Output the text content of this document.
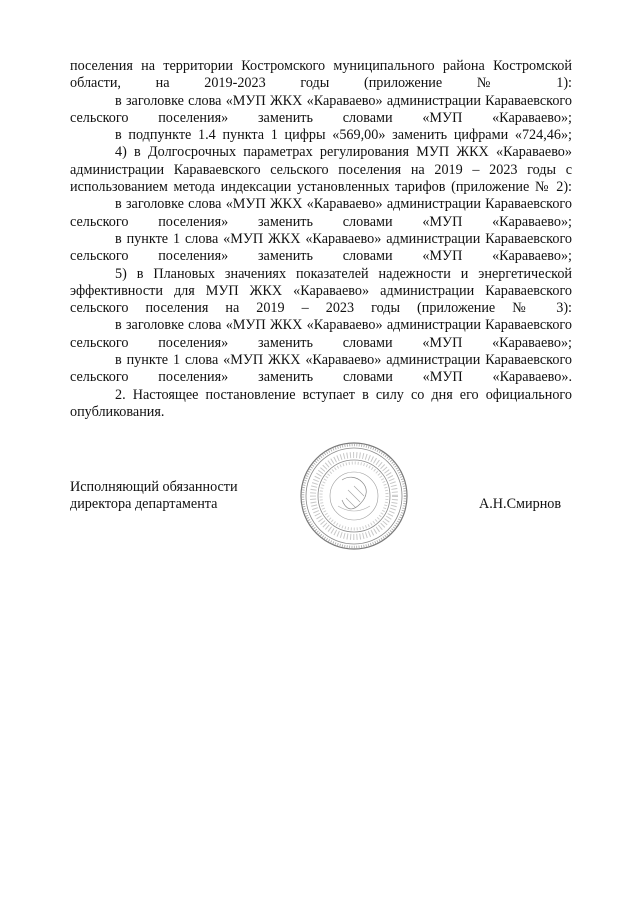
поселения на территории Костромского муниципального района Костромской области, на 2019-2023 годы (приложение № 1):

в заголовке слова «МУП ЖКХ «Караваево» администрации Караваевского сельского поселения» заменить словами «МУП «Караваево»;

в подпункте 1.4 пункта 1 цифры «569,00» заменить цифрами «724,46»;

4) в Долгосрочных параметрах регулирования МУП ЖКХ «Караваево» администрации Караваевского сельского поселения на 2019 – 2023 годы с использованием метода индексации установленных тарифов (приложение № 2):

в заголовке слова «МУП ЖКХ «Караваево» администрации Караваевского сельского поселения» заменить словами «МУП «Караваево»;

в пункте 1 слова «МУП ЖКХ «Караваево» администрации Караваевского сельского поселения» заменить словами «МУП «Караваево»;

5) в Плановых значениях показателей надежности и энергетической эффективности для МУП ЖКХ «Караваево» администрации Караваевского сельского поселения на 2019 – 2023 годы (приложение № 3):

в заголовке слова «МУП ЖКХ «Караваево» администрации Караваевского сельского поселения» заменить словами «МУП «Караваево»;

в пункте 1 слова «МУП ЖКХ «Караваево» администрации Караваевского сельского поселения» заменить словами «МУП «Караваево».

2. Настоящее постановление вступает в силу со дня его официального опубликования.

Исполняющий обязанности
директора департамента	А.Н.Смирнов
